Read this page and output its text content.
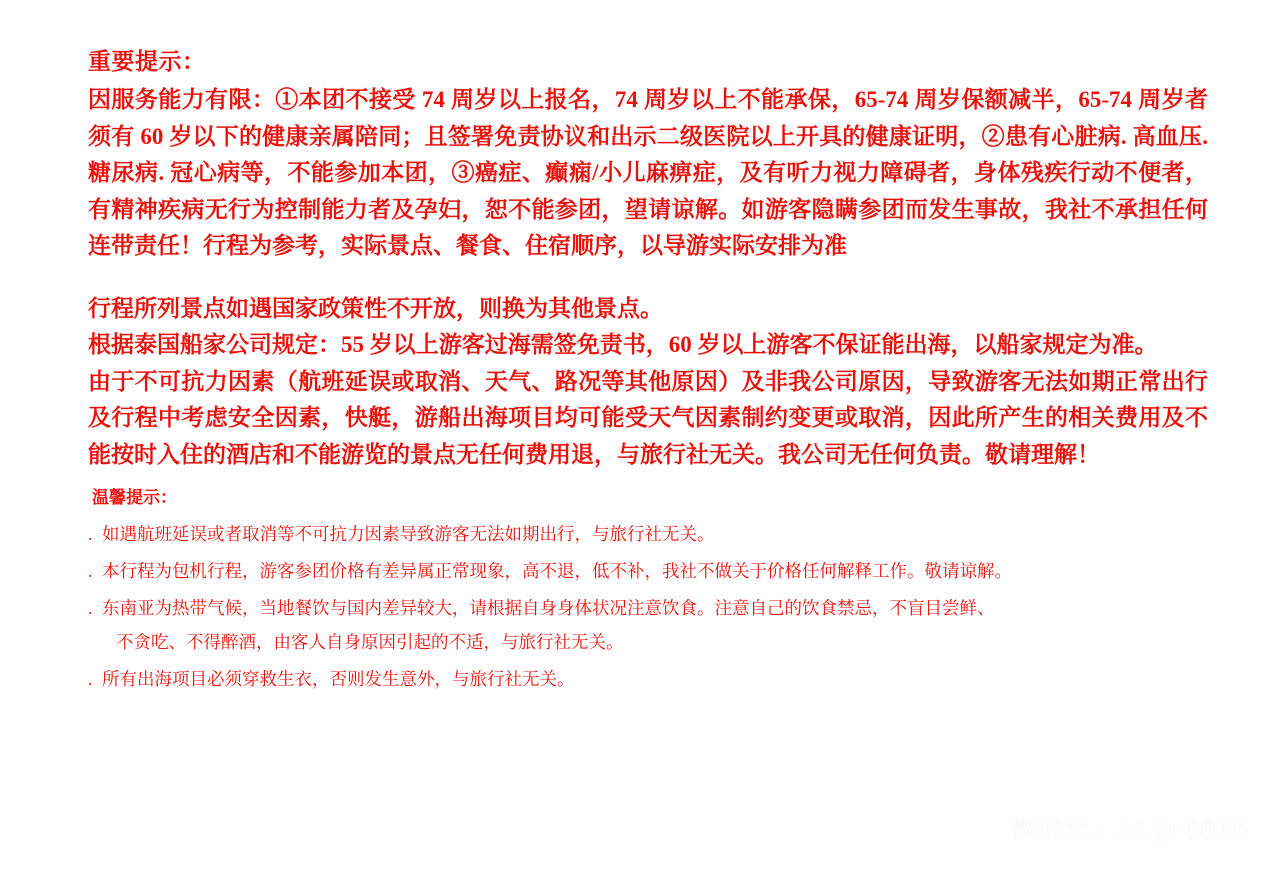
重要提示：

因服务能力有限：①本团不接受 74 周岁以上报名，74 周岁以上不能承保，65-74 周岁保额减半，65-74 周岁者须有 60 岁以下的健康亲属陪同；且签署免责协议和出示二级医院以上开具的健康证明，②患有心脏病. 高血压. 糖尿病. 冠心病等，不能参加本团，③癌症、癫痫/小儿麻痹症，及有听力视力障碍者，身体残疾行动不便者，有精神疾病无行为控制能力者及孕妇，恕不能参团，望请谅解。如游客隐瞒参团而发生事故，我社不承担任何连带责任！行程为参考，实际景点、餐食、住宿顺序，以导游实际安排为准

行程所列景点如遇国家政策性不开放，则换为其他景点。

根据泰国船家公司规定：55 岁以上游客过海需签免责书，60 岁以上游客不保证能出海，以船家规定为准。

由于不可抗力因素（航班延误或取消、天气、路况等其他原因）及非我公司原因，导致游客无法如期正常出行及行程中考虑安全因素，快艇，游船出海项目均可能受天气因素制约变更或取消，因此所产生的相关费用及不能按时入住的酒店和不能游览的景点无任何费用退，与旅行社无关。我公司无任何负责。敬请理解！

温馨提示：
. 如遇航班延误或者取消等不可抗力因素导致游客无法如期出行，与旅行社无关。
. 本行程为包机行程，游客参团价格有差异属正常现象，高不退，低不补，我社不做关于价格任何解释工作。敬请谅解。
. 东南亚为热带气候，当地餐饮与国内差异较大，请根据自身身体状况注意饮食。注意自己的饮食禁忌，不盲目尝鲜、
不贪吃、不得醉酒，由客人自身原因引起的不适，与旅行社无关。
. 所有出海项目必须穿救生衣，否则发生意外，与旅行社无关。
微信号：zljr0816
